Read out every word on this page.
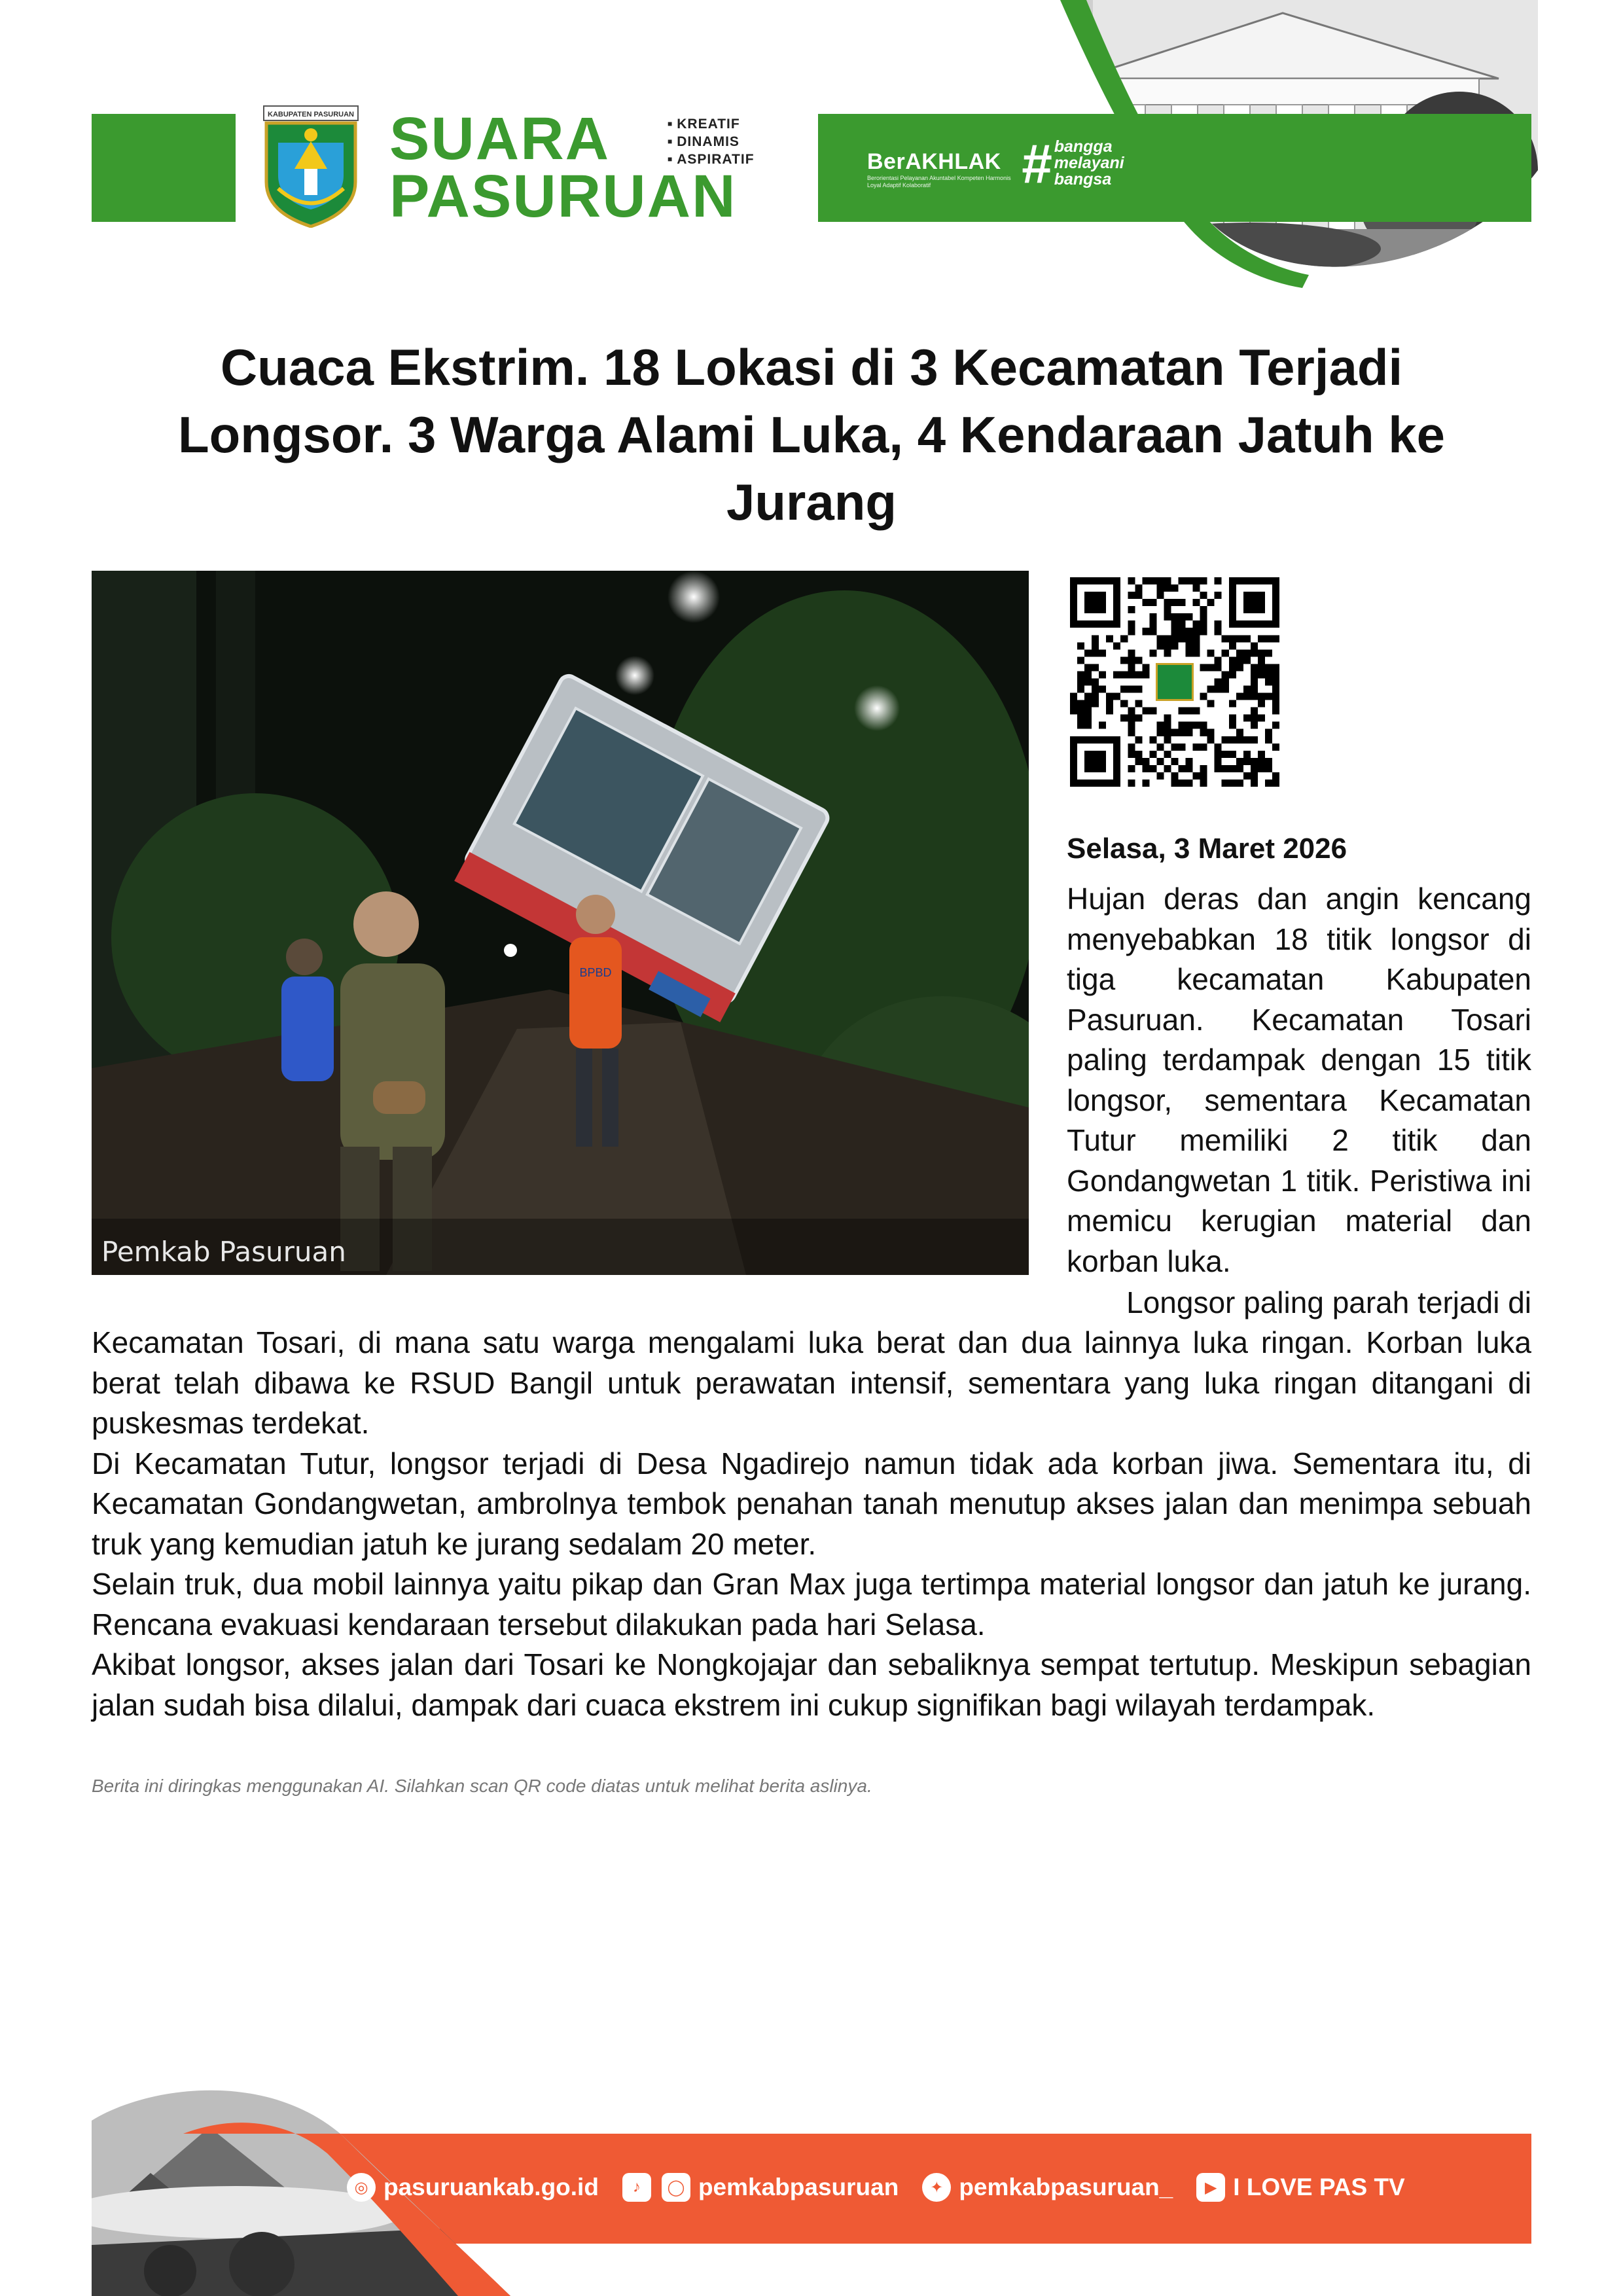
KABUPATEN PASURUAN SUARA
PASURUAN
■ KREATIF
■ DINAMIS
■ ASPIRATIF	BerAKHLAK
Berorientasi Pelayanan Akuntabel Kompeten Harmonis Loyal Adaptif Kolaboratif	# bangga
melayani
bangsa
Cuaca Ekstrim. 18 Lokasi di 3 Kecamatan Terjadi Longsor. 3 Warga Alami Luka, 4 Kendaraan Jatuh ke Jurang
BPBD
Pemkab Pasuruan
Selasa, 3 Maret 2026
Hujan deras dan angin kencang menyebabkan 18 titik longsor di tiga kecamatan Kabupaten Pasuruan. Kecamatan Tosari paling terdampak dengan 15 titik longsor, sementara Kecamatan Tutur memiliki 2 titik dan Gondangwetan 1 titik. Peristiwa ini memicu kerugian material dan korban luka.
Longsor paling parah terjadi di

Kecamatan Tosari, di mana satu warga mengalami luka berat dan dua lainnya luka ringan. Korban luka berat telah dibawa ke RSUD Bangil untuk perawatan intensif, sementara yang luka ringan ditangani di puskesmas terdekat.

Di Kecamatan Tutur, longsor terjadi di Desa Ngadirejo namun tidak ada korban jiwa. Sementara itu, di Kecamatan Gondangwetan, ambrolnya tembok penahan tanah menutup akses jalan dan menimpa sebuah truk yang kemudian jatuh ke jurang sedalam 20 meter.

Selain truk, dua mobil lainnya yaitu pikap dan Gran Max juga tertimpa material longsor dan jatuh ke jurang. Rencana evakuasi kendaraan tersebut dilakukan pada hari Selasa.

Akibat longsor, akses jalan dari Tosari ke Nongkojajar dan sebaliknya sempat tertutup. Meskipun sebagian jalan sudah bisa dilalui, dampak dari cuaca ekstrem ini cukup signifikan bagi wilayah terdampak.

Berita ini diringkas menggunakan AI. Silahkan scan QR code diatas untuk melihat berita aslinya.
◎ pasuruankab.go.id	♪	◯ pemkabpasuruan	✦ pemkabpasuruan_	▶ I LOVE PAS TV
